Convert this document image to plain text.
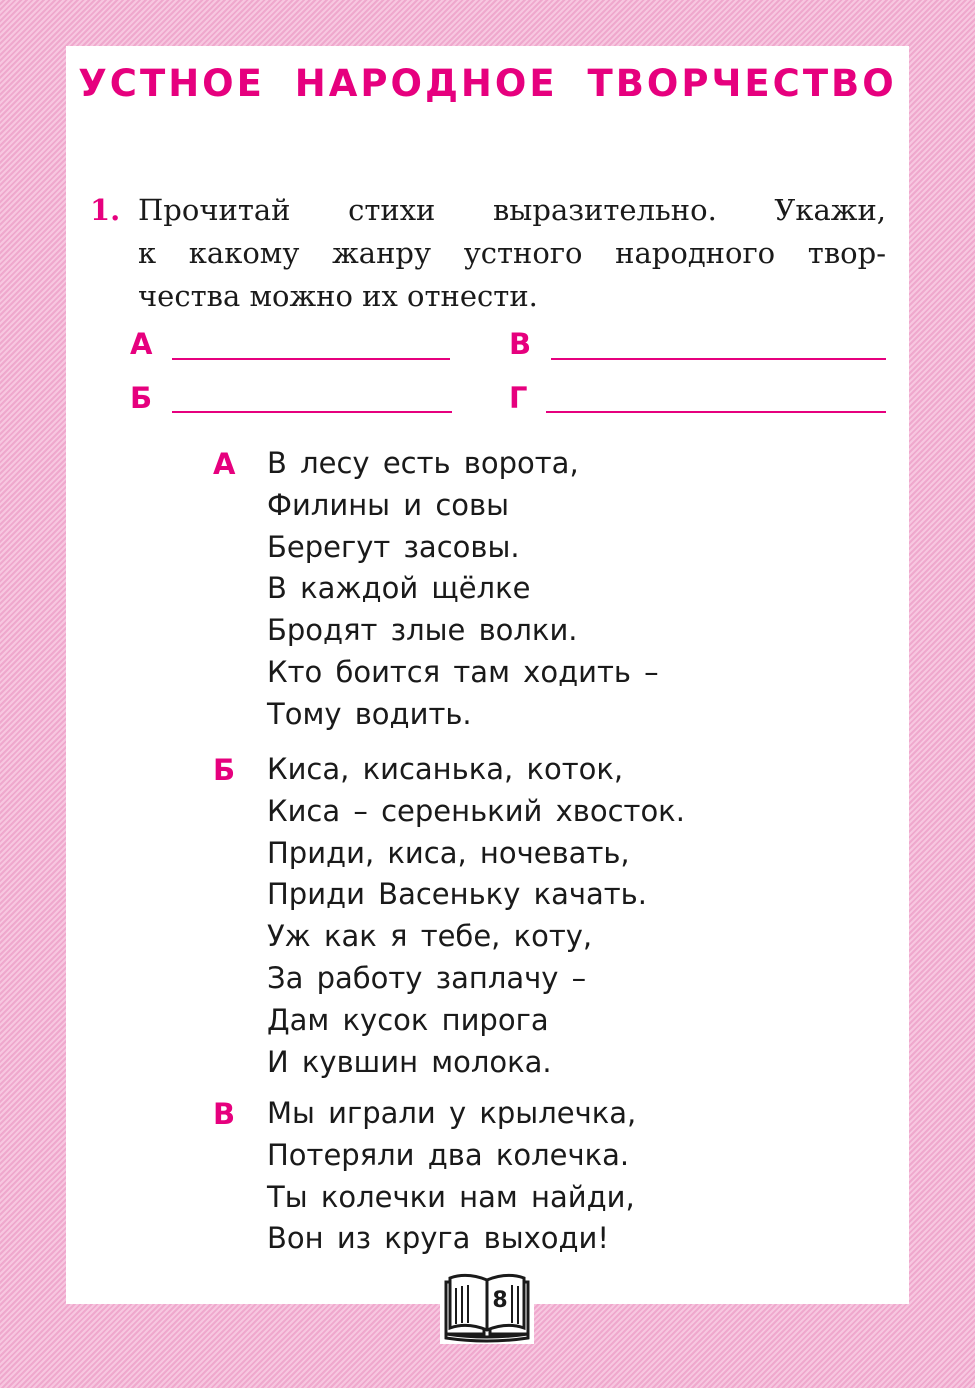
УСТНОЕ НАРОДНОЕ ТВОРЧЕСТВО
1. Прочитай стихи выразительно. Укажи,
к какому жанру устного народного твор-
чества можно их отнести.
А	В
Б	Г
А В лесу есть ворота,
Филины и совы
Берегут засовы.
В каждой щёлке
Бродят злые волки.
Кто боится там ходить –
Тому водить.
Б Киса, кисанька, коток,
Киса – серенький хвосток.
Приди, киса, ночевать,
Приди Васеньку качать.
Уж как я тебе, коту,
За работу заплачу –
Дам кусок пирога
И кувшин молока.
В Мы играли у крылечка,
Потеряли два колечка.
Ты колечки нам найди,
Вон из круга выходи!
8
